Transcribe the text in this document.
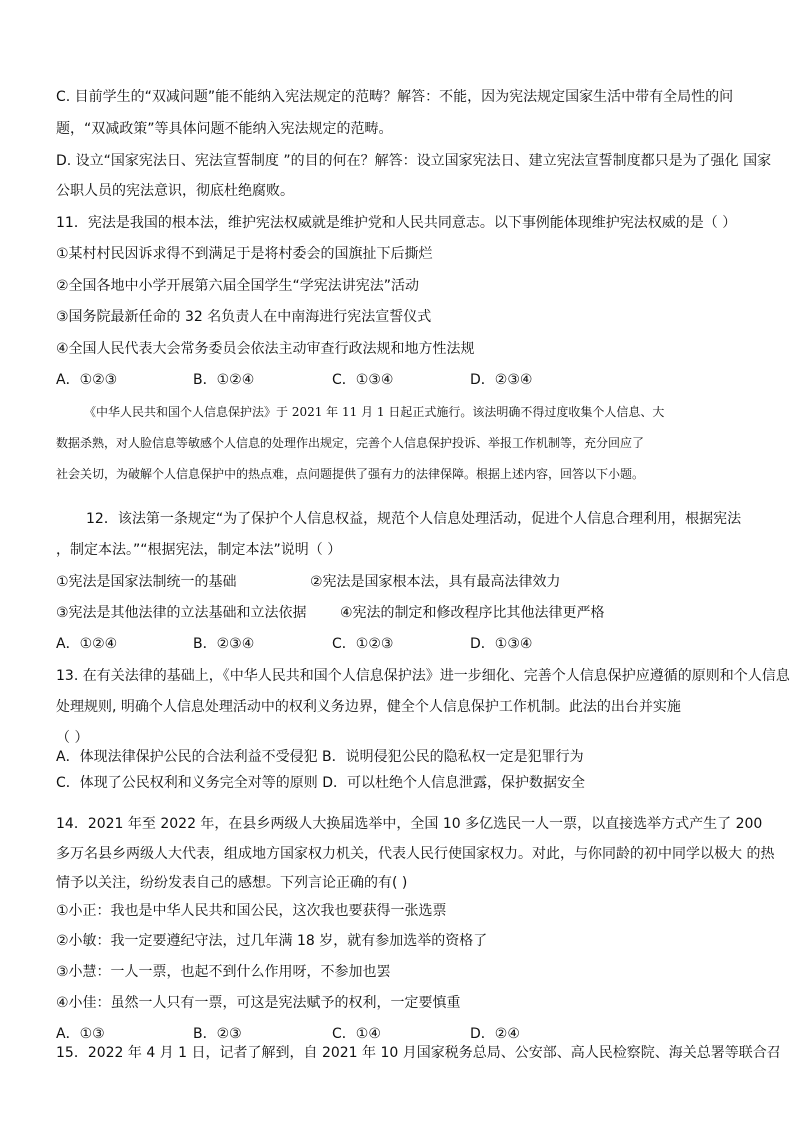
C. 目前学生的“双减问题”能不能纳入宪法规定的范畴？解答：不能，因为宪法规定国家生活中带有全局性的问
题，“双减政策”等具体问题不能纳入宪法规定的范畴。
D. 设立“国家宪法日、宪法宣誓制度 ”的目的何在？解答：设立国家宪法日、建立宪法宣誓制度都只是为了强化 国家
公职人员的宪法意识，彻底杜绝腐败。
11．宪法是我国的根本法，维护宪法权威就是维护党和人民共同意志。以下事例能体现维护宪法权威的是（ ）
①某村村民因诉求得不到满足于是将村委会的国旗扯下后撕烂
②全国各地中小学开展第六届全国学生“学宪法讲宪法”活动
③国务院最新任命的 32 名负责人在中南海进行宪法宣誓仪式
④全国人民代表大会常务委员会依法主动审查行政法规和地方性法规
A．①②③	B．①②④	C．①③④	D．②③④
《中华人民共和国个人信息保护法》于 2021 年 11 月 1 日起正式施行。该法明确不得过度收集个人信息、大
数据杀熟，对人脸信息等敏感个人信息的处理作出规定，完善个人信息保护投诉、举报工作机制等，充分回应了
社会关切，为破解个人信息保护中的热点难，点问题提供了强有力的法律保障。根据上述内容，回答以下小题。
12．该法第一条规定“为了保护个人信息权益，规范个人信息处理活动，促进个人信息合理利用，根据宪法
，制定本法。”“根据宪法，制定本法”说明（ ）
①宪法是国家法制统一的基础	②宪法是国家根本法，具有最高法律效力
③宪法是其他法律的立法基础和立法依据 ④宪法的制定和修改程序比其他法律更严格
A．①②④	B．②③④	C．①②③	D．①③④
13. 在有关法律的基础上，《中华人民共和国个人信息保护法》进一步细化、完善个人信息保护应遵循的原则和个人信息
处理规则, 明确个人信息处理活动中的权利义务边界，健全个人信息保护工作机制。此法的出台并实施
（ ）
A．体现法律保护公民的合法利益不受侵犯 B．说明侵犯公民的隐私权一定是犯罪行为
C．体现了公民权利和义务完全对等的原则 D．可以杜绝个人信息泄露，保护数据安全
14．2021 年至 2022 年，在县乡两级人大换届选举中，全国 10 多亿选民一人一票，以直接选举方式产生了 200
多万名县乡两级人大代表，组成地方国家权力机关，代表人民行使国家权力。对此，与你同龄的初中同学以极大 的热
情予以关注，纷纷发表自己的感想。下列言论正确的有( )
①小正：我也是中华人民共和国公民，这次我也要获得一张选票
②小敏：我一定要遵纪守法，过几年满 18 岁，就有参加选举的资格了
③小慧：一人一票，也起不到什么作用呀，不参加也罢
④小佳：虽然一人只有一票，可这是宪法赋予的权利，一定要慎重
A．①③	B．②③	C．①④	D．②④
15．2022 年 4 月 1 日，记者了解到，自 2021 年 10 月国家税务总局、公安部、高人民检察院、海关总署等联合召
